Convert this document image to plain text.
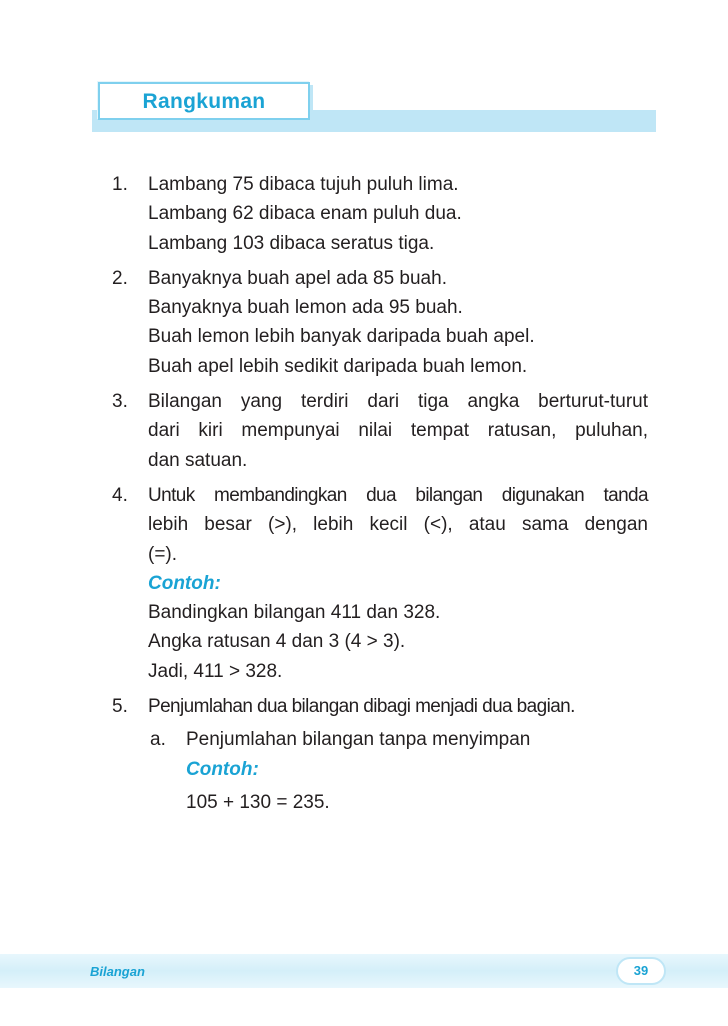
Rangkuman
1. Lambang 75 dibaca tujuh puluh lima.
Lambang 62 dibaca enam puluh dua.
Lambang 103 dibaca seratus tiga.
2. Banyaknya buah apel ada 85 buah.
Banyaknya buah lemon ada 95 buah.
Buah lemon lebih banyak daripada buah apel.
Buah apel lebih sedikit daripada buah lemon.
3. Bilangan yang terdiri dari tiga angka berturut-turut
dari kiri mempunyai nilai tempat ratusan, puluhan,
dan satuan.
4. Untuk membandingkan dua bilangan digunakan tanda
lebih besar (>), lebih kecil (<), atau sama dengan
(=).
Contoh:
Bandingkan bilangan 411 dan 328.
Angka ratusan 4 dan 3 (4 > 3).
Jadi, 411 > 328.
5. Penjumlahan dua bilangan dibagi menjadi dua bagian.
a. Penjumlahan bilangan tanpa menyimpan
Contoh:
105 + 130 = 235.
Bilangan	39
